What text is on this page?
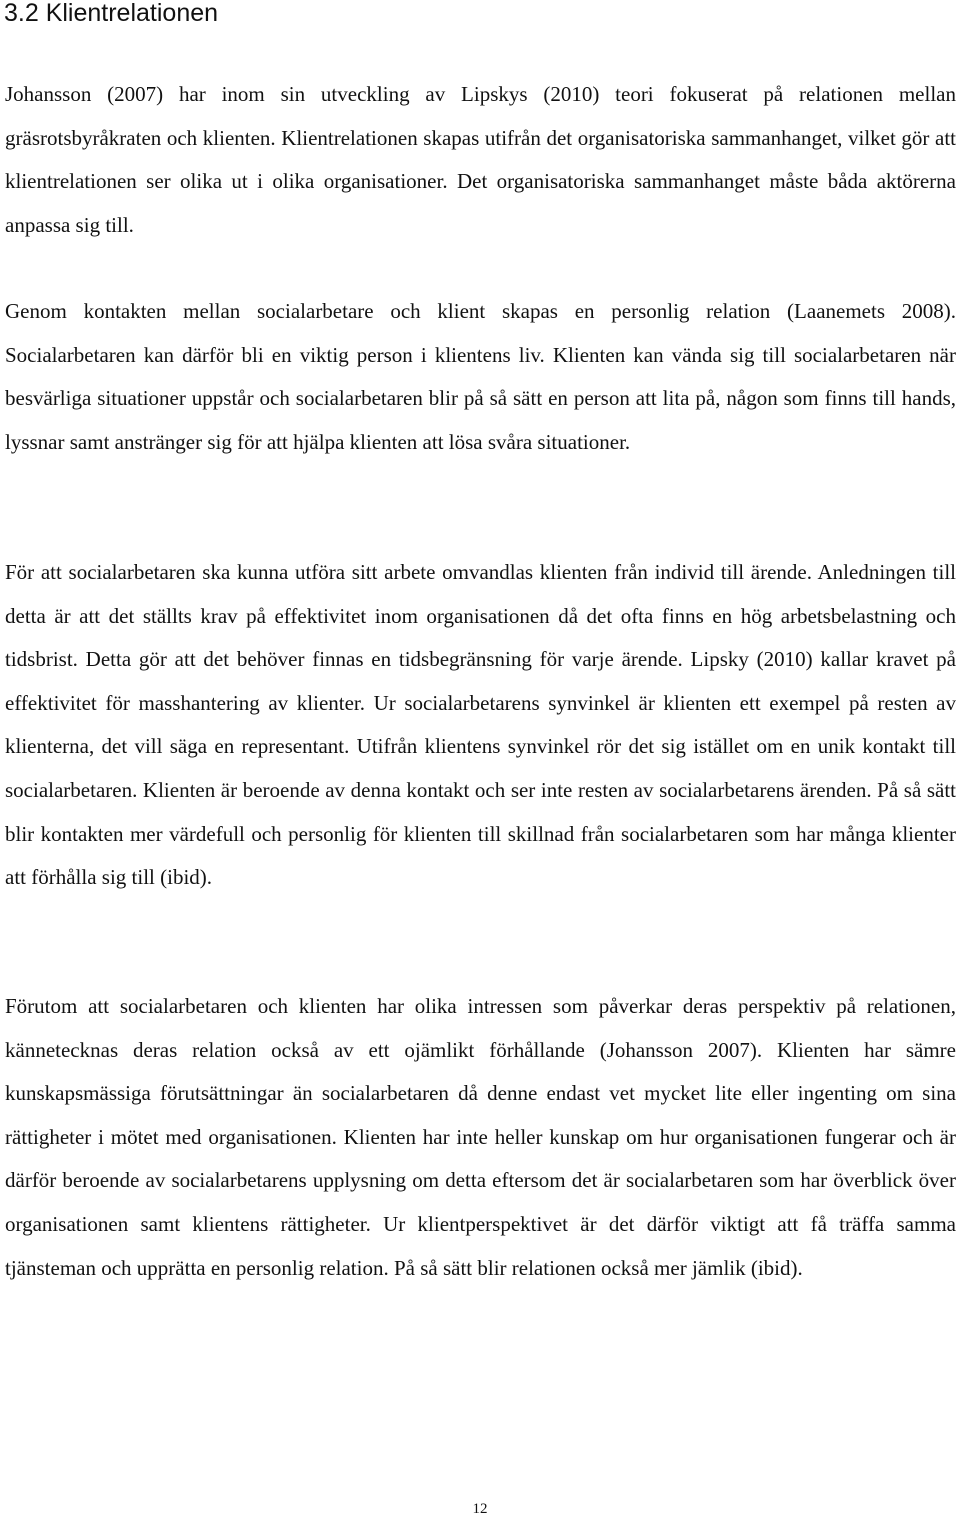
3.2 Klientrelationen

Johansson (2007) har inom sin utveckling av Lipskys (2010) teori fokuserat på relationen mellan gräsrotsbyråkraten och klienten. Klientrelationen skapas utifrån det organisatoriska sammanhanget, vilket gör att klientrelationen ser olika ut i olika organisationer. Det organisatoriska sammanhanget måste båda aktörerna anpassa sig till.

Genom kontakten mellan socialarbetare och klient skapas en personlig relation (Laanemets 2008). Socialarbetaren kan därför bli en viktig person i klientens liv. Klienten kan vända sig till socialarbetaren när besvärliga situationer uppstår och socialarbetaren blir på så sätt en person att lita på, någon som finns till hands, lyssnar samt anstränger sig för att hjälpa klienten att lösa svåra situationer.

För att socialarbetaren ska kunna utföra sitt arbete omvandlas klienten från individ till ärende. Anledningen till detta är att det ställts krav på effektivitet inom organisationen då det ofta finns en hög arbetsbelastning och tidsbrist. Detta gör att det behöver finnas en tidsbegränsning för varje ärende. Lipsky (2010) kallar kravet på effektivitet för masshantering av klienter. Ur socialarbetarens synvinkel är klienten ett exempel på resten av klienterna, det vill säga en representant. Utifrån klientens synvinkel rör det sig istället om en unik kontakt till socialarbetaren. Klienten är beroende av denna kontakt och ser inte resten av socialarbetarens ärenden. På så sätt blir kontakten mer värdefull och personlig för klienten till skillnad från socialarbetaren som har många klienter att förhålla sig till (ibid).

Förutom att socialarbetaren och klienten har olika intressen som påverkar deras perspektiv på relationen, kännetecknas deras relation också av ett ojämlikt förhållande (Johansson 2007). Klienten har sämre kunskapsmässiga förutsättningar än socialarbetaren då denne endast vet mycket lite eller ingenting om sina rättigheter i mötet med organisationen. Klienten har inte heller kunskap om hur organisationen fungerar och är därför beroende av socialarbetarens upplysning om detta eftersom det är socialarbetaren som har överblick över organisationen samt klientens rättigheter. Ur klientperspektivet är det därför viktigt att få träffa samma tjänsteman och upprätta en personlig relation. På så sätt blir relationen också mer jämlik (ibid).

12
